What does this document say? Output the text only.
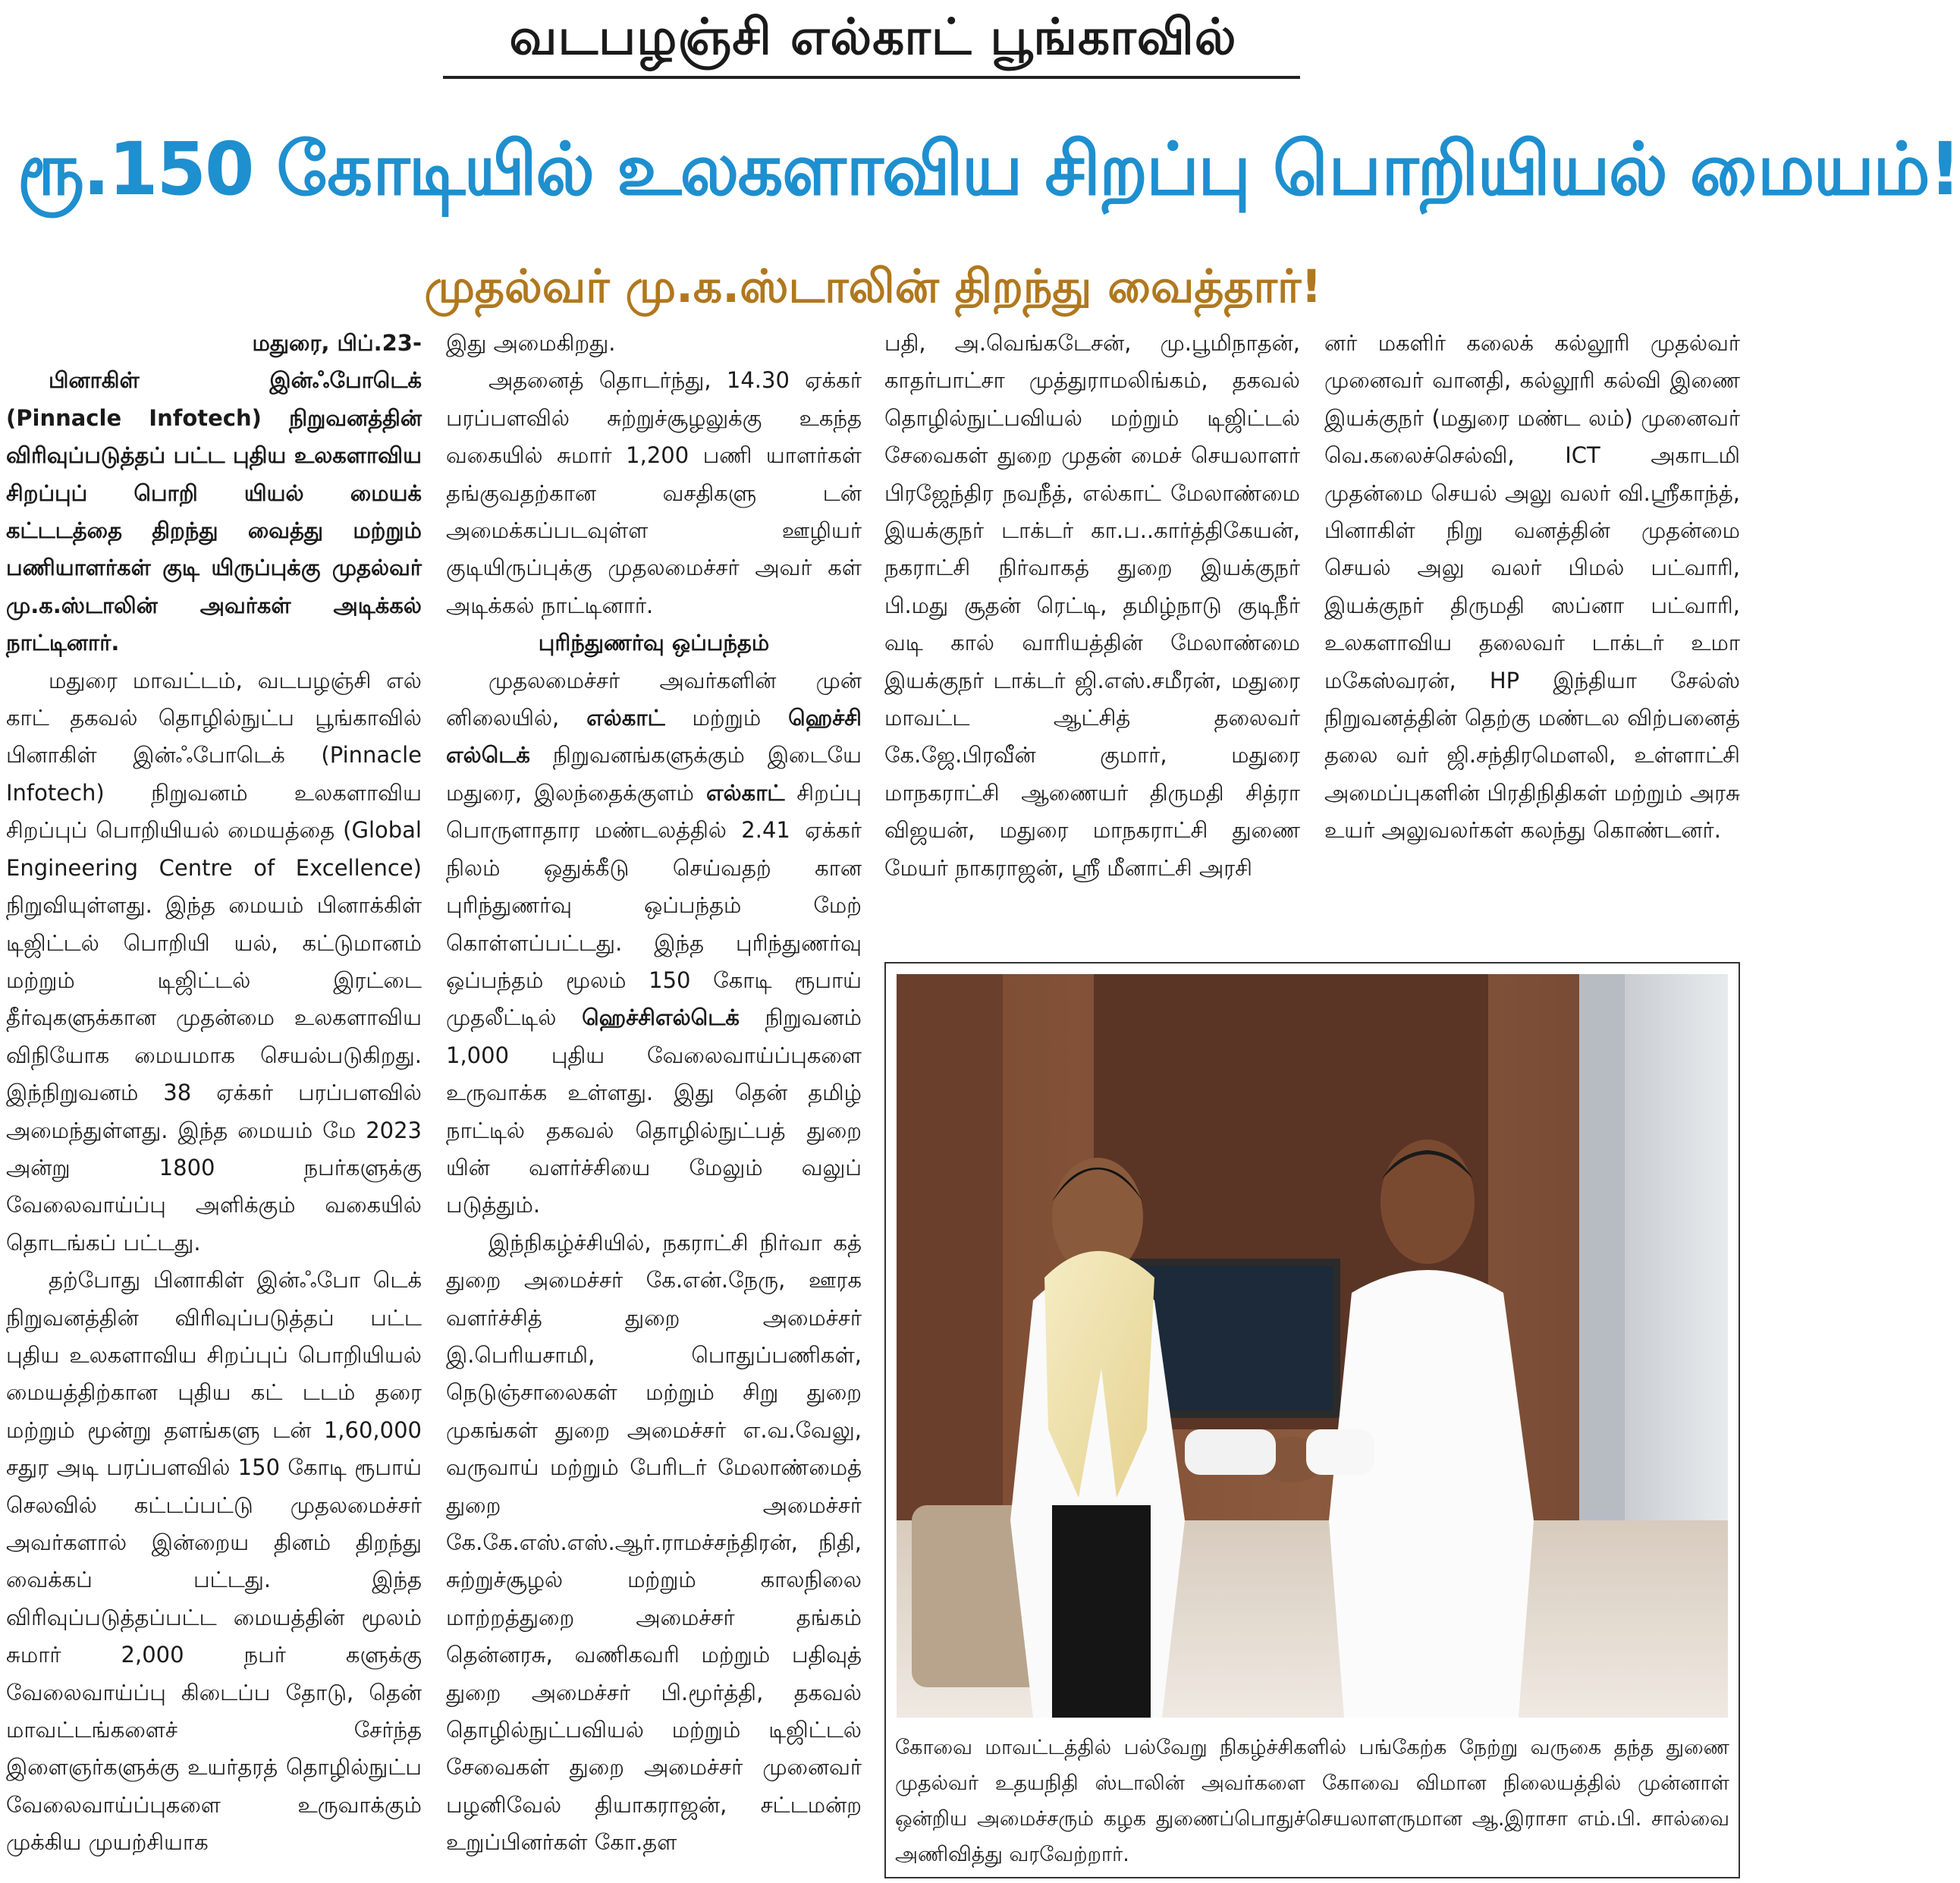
வடபழஞ்சி எல்காட் பூங்காவில்
ரூ.150 கோடியில் உலகளாவிய சிறப்பு பொறியியல் மையம்!
முதல்வர் மு.க.ஸ்டாலின் திறந்து வைத்தார்!

மதுரை, பிப்.23-

பினாகிள் இன்ஃபோடெக் (Pinnacle Infotech) நிறுவனத்தின் விரிவுப்படுத்தப் பட்ட புதிய உலகளாவிய சிறப்புப் பொறி யியல் மையக் கட்டடத்தை திறந்து வைத்து மற்றும் பணியாளர்கள் குடி யிருப்புக்கு முதல்வர் மு.க.ஸ்டாலின் அவர்கள் அடிக்கல் நாட்டினார்.

மதுரை மாவட்டம், வடபழஞ்சி எல் காட் தகவல் தொழில்நுட்ப பூங்காவில் பினாகிள் இன்ஃபோடெக் (Pinnacle Infotech) நிறுவனம் உலகளாவிய சிறப்புப் பொறியியல் மையத்தை (Global Engineering Centre of Excellence) நிறுவியுள்ளது. இந்த மையம் பினாக்கிள் டிஜிட்டல் பொறியி யல், கட்டுமானம் மற்றும் டிஜிட்டல் இரட்டை தீர்வுகளுக்கான முதன்மை உலகளாவிய விநியோக மையமாக செயல்படுகிறது. இந்நிறுவனம் 38 ஏக்கர் பரப்பளவில் அமைந்துள்ளது. இந்த மையம் மே 2023 அன்று 1800 நபர்களுக்கு வேலைவாய்ப்பு அளிக்கும் வகையில் தொடங்கப் பட்டது.

தற்போது பினாகிள் இன்ஃபோ டெக் நிறுவனத்தின் விரிவுப்படுத்தப் பட்ட புதிய உலகளாவிய சிறப்புப் பொறியியல் மையத்திற்கான புதிய கட் டடம் தரை மற்றும் மூன்று தளங்களு டன் 1,60,000 சதுர அடி பரப்பளவில் 150 கோடி ரூபாய் செலவில் கட்டப்பட்டு முதலமைச்சர் அவர்களால் இன்றைய தினம் திறந்து வைக்கப் பட்டது. இந்த விரிவுப்படுத்தப்பட்ட மையத்தின் மூலம் சுமார் 2,000 நபர் களுக்கு வேலைவாய்ப்பு கிடைப்ப தோடு, தென் மாவட்டங்களைச் சேர்ந்த இளைஞர்களுக்கு உயர்தரத் தொழில்நுட்ப வேலைவாய்ப்புகளை உருவாக்கும் முக்கிய முயற்சியாக

இது அமைகிறது.

அதனைத் தொடர்ந்து, 14.30 ஏக்கர் பரப்பளவில் சுற்றுச்சூழலுக்கு உகந்த வகையில் சுமார் 1,200 பணி யாளர்கள் தங்குவதற்கான வசதிகளு டன் அமைக்கப்படவுள்ள ஊழியர் குடியிருப்புக்கு முதலமைச்சர் அவர் கள் அடிக்கல் நாட்டினார்.

புரிந்துணர்வு ஒப்பந்தம்

முதலமைச்சர் அவர்களின் முன் னிலையில், எல்காட் மற்றும் ஹெச்சி எல்டெக் நிறுவனங்களுக்கும் இடையே மதுரை, இலந்தைக்குளம் எல்காட் சிறப்பு பொருளாதார மண்டலத்தில் 2.41 ஏக்கர் நிலம் ஒதுக்கீடு செய்வதற் கான புரிந்துணர்வு ஒப்பந்தம் மேற் கொள்ளப்பட்டது. இந்த புரிந்துணர்வு ஒப்பந்தம் மூலம் 150 கோடி ரூபாய் முதலீட்டில் ஹெச்சிஎல்டெக் நிறுவனம் 1,000 புதிய வேலைவாய்ப்புகளை உருவாக்க உள்ளது. இது தென் தமிழ் நாட்டில் தகவல் தொழில்நுட்பத் துறை யின் வளர்ச்சியை மேலும் வலுப் படுத்தும்.

இந்நிகழ்ச்சியில், நகராட்சி நிர்வா கத் துறை அமைச்சர் கே.என்.நேரு, ஊரக வளர்ச்சித் துறை அமைச்சர் இ.பெரியசாமி, பொதுப்பணிகள், நெடுஞ்சாலைகள் மற்றும் சிறு துறை முகங்கள் துறை அமைச்சர் எ.வ.வேலு, வருவாய் மற்றும் பேரிடர் மேலாண்மைத் துறை அமைச்சர் கே.கே.எஸ்.எஸ்.ஆர்.ராமச்சந்திரன், நிதி, சுற்றுச்சூழல் மற்றும் காலநிலை மாற்றத்துறை அமைச்சர் தங்கம் தென்னரசு, வணிகவரி மற்றும் பதிவுத் துறை அமைச்சர் பி.மூர்த்தி, தகவல் தொழில்நுட்பவியல் மற்றும் டிஜிட்டல் சேவைகள் துறை அமைச்சர் முனைவர் பழனிவேல் தியாகராஜன், சட்டமன்ற உறுப்பினர்கள் கோ.தள

பதி, அ.வெங்கடேசன், மு.பூமிநாதன், காதர்பாட்சா முத்துராமலிங்கம், தகவல் தொழில்நுட்பவியல் மற்றும் டிஜிட்டல் சேவைகள் துறை முதன் மைச் செயலாளர் பிரஜேந்திர நவநீத், எல்காட் மேலாண்மை இயக்குநர் டாக்டர் கா.ப..கார்த்திகேயன், நகராட்சி நிர்வாகத் துறை இயக்குநர் பி.மது சூதன் ரெட்டி, தமிழ்நாடு குடிநீர் வடி கால் வாரியத்தின் மேலாண்மை இயக்குநர் டாக்டர் ஜி.எஸ்.சமீரன், மதுரை மாவட்ட ஆட்சித் தலைவர் கே.ஜே.பிரவீன் குமார், மதுரை மாநகராட்சி ஆணையர் திருமதி சித்ரா விஜயன், மதுரை மாநகராட்சி துணை மேயர் நாகராஜன், ஸ்ரீ மீனாட்சி அரசி

னர் மகளிர் கலைக் கல்லூரி முதல்வர் முனைவர் வானதி, கல்லூரி கல்வி இணை இயக்குநர் (மதுரை மண்ட லம்) முனைவர் வெ.கலைச்செல்வி, ICT அகாடமி முதன்மை செயல் அலு வலர் வி.ஸ்ரீகாந்த், பினாகிள் நிறு வனத்தின் முதன்மை செயல் அலு வலர் பிமல் பட்வாரி, இயக்குநர் திருமதி ஸப்னா பட்வாரி, உலகளாவிய தலைவர் டாக்டர் உமா மகேஸ்வரன், HP இந்தியா சேல்ஸ் நிறுவனத்தின் தெற்கு மண்டல விற்பனைத் தலை வர் ஜி.சந்திரமௌலி, உள்ளாட்சி அமைப்புகளின் பிரதிநிதிகள் மற்றும் அரசு உயர் அலுவலர்கள் கலந்து கொண்டனர்.

கோவை மாவட்டத்தில் பல்வேறு நிகழ்ச்சிகளில் பங்கேற்க நேற்று வருகை தந்த துணை முதல்வர் உதயநிதி ஸ்டாலின் அவர்களை கோவை விமான நிலையத்தில் முன்னாள் ஒன்றிய அமைச்சரும் கழக துணைப்பொதுச்செயலாளருமான ஆ.இராசா எம்.பி. சால்வை அணிவித்து வரவேற்றார்.
